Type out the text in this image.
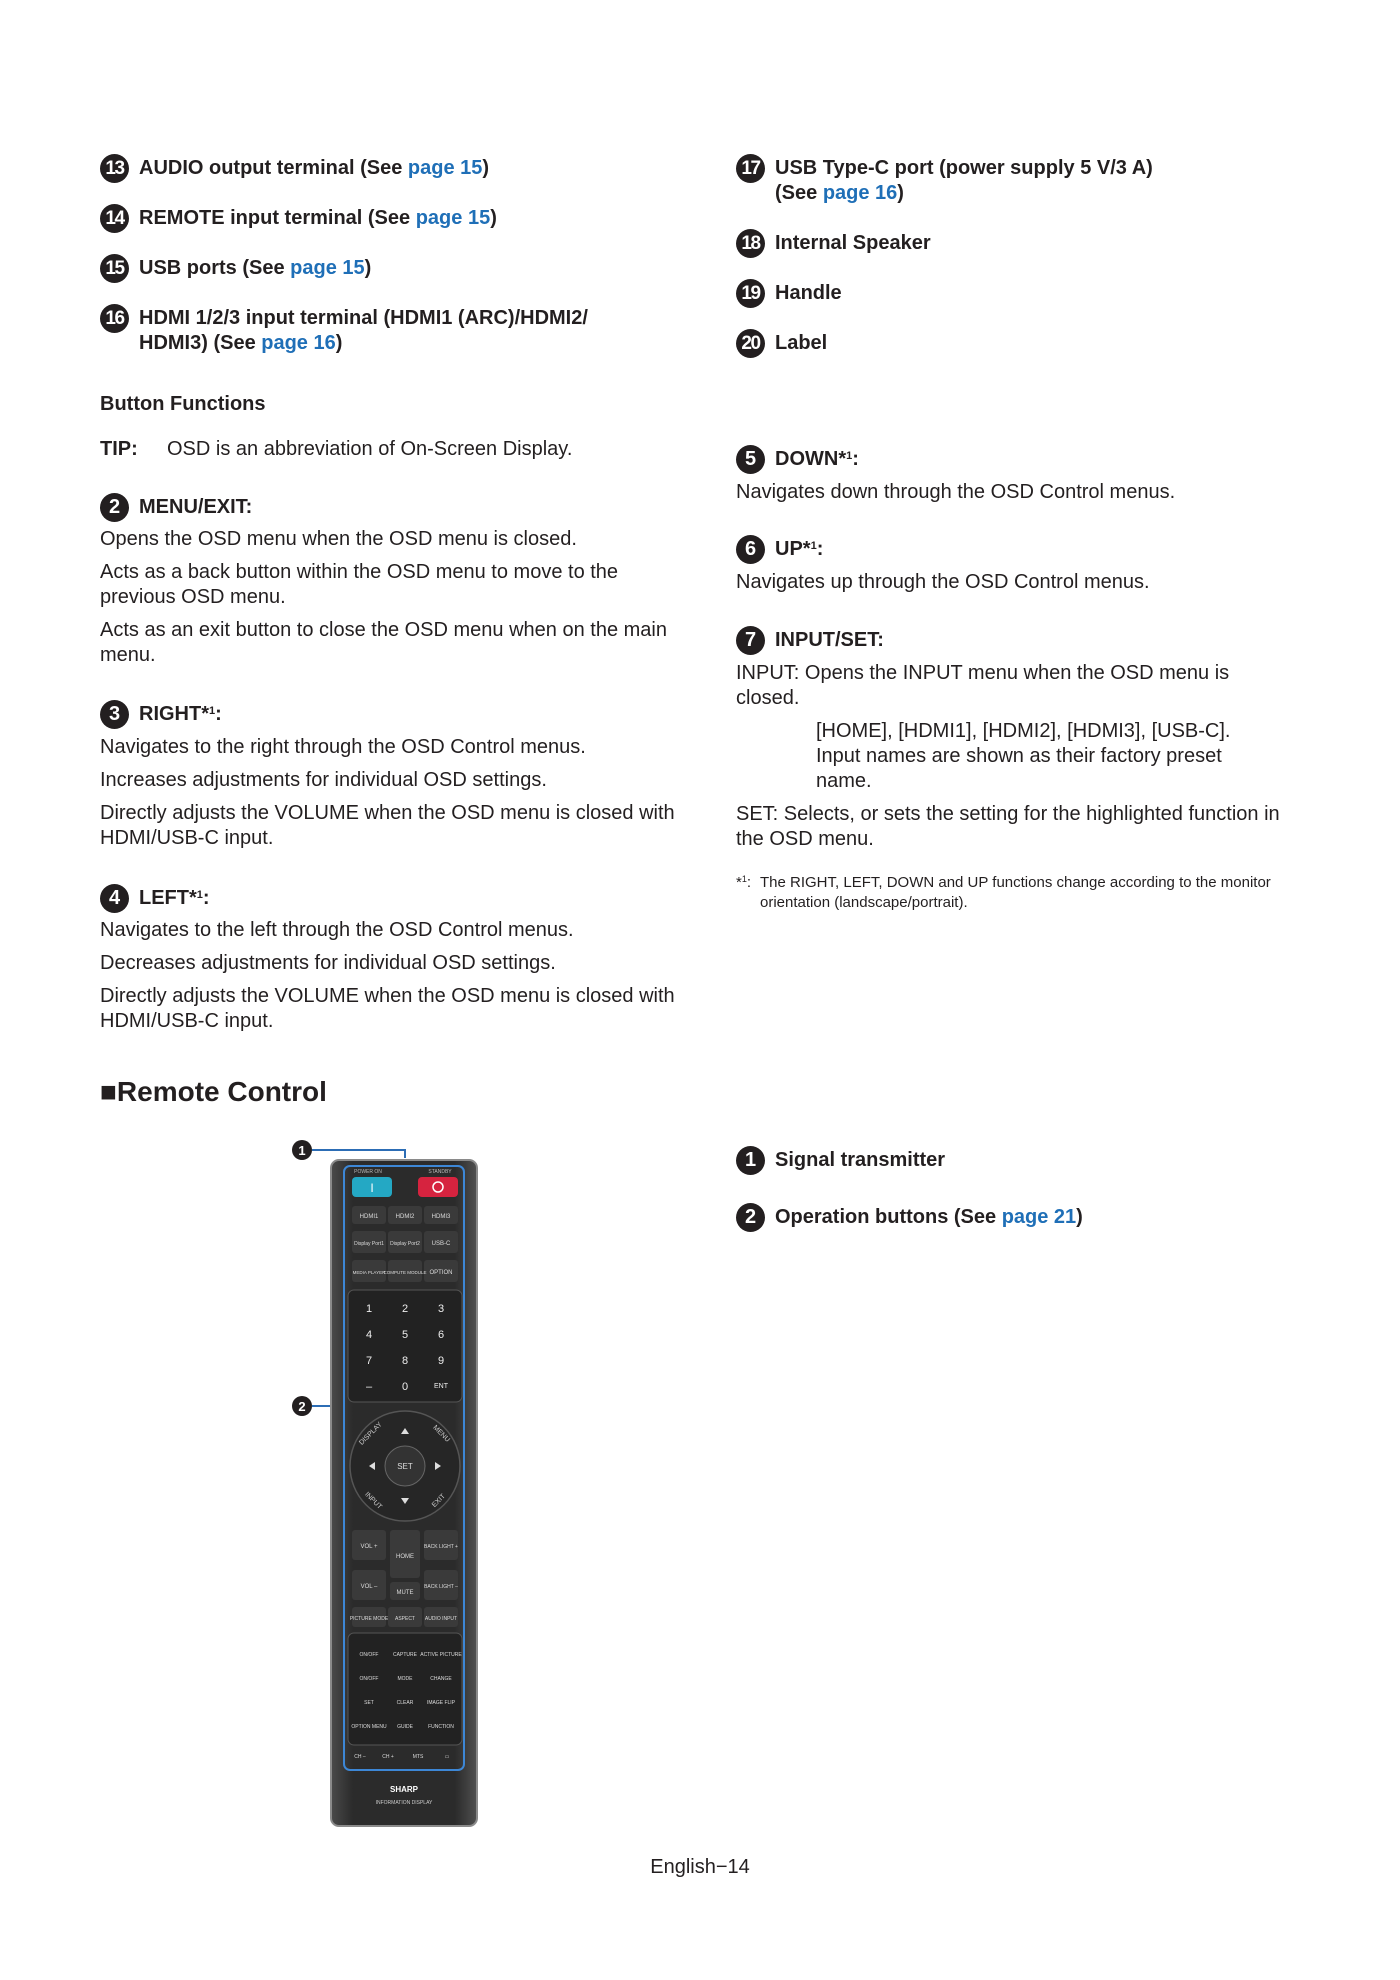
13 AUDIO output terminal (See page 15)
14 REMOTE input terminal (See page 15)
15 USB ports (See page 15)
16 HDMI 1/2/3 input terminal (HDMI1 (ARC)/HDMI2/
HDMI3) (See page 16)
17 USB Type-C port (power supply 5 V/3 A)
(See page 16)
18 Internal Speaker
19 Handle
20 Label
Button Functions
TIP: OSD is an abbreviation of On-Screen Display.
2 MENU/EXIT:

Opens the OSD menu when the OSD menu is closed.

Acts as a back button within the OSD menu to move to the previous OSD menu.

Acts as an exit button to close the OSD menu when on the main menu.

3 RIGHT*$^1$:

Navigates to the right through the OSD Control menus.

Increases adjustments for individual OSD settings.

Directly adjusts the VOLUME when the OSD menu is closed with HDMI/USB-C input.

4 LEFT*$^1$:

Navigates to the left through the OSD Control menus.

Decreases adjustments for individual OSD settings.

Directly adjusts the VOLUME when the OSD menu is closed with HDMI/USB-C input.

5 DOWN*$^1$:

Navigates down through the OSD Control menus.

6 UP*$^1$:

Navigates up through the OSD Control menus.

7 INPUT/SET:

INPUT: Opens the INPUT menu when the OSD menu is closed.

[HOME], [HDMI1], [HDMI2], [HDMI3], [USB-C]. Input names are shown as their factory preset name.

SET: Selects, or sets the setting for the highlighted function in the OSD menu.

*$^1$: The RIGHT, LEFT, DOWN and UP functions change according to the monitor orientation (landscape/portrait).
■Remote Control
1 Signal transmitter
2 Operation buttons (See page 21)
1
2
POWER ON	STANDBY
I
HDMI1	HDMI2	HDMI3
Display Port1 Display Port2 USB-C
MEDIA PLAYER
COMPUTE MODULE OPTION
1	2	3
4	5	6
7	8	9
–	0	ENT
SET
DISPLAY	MENU
INPUT	EXIT
VOL +
HOME
BACK LIGHT +
VOL –
MUTE
BACK LIGHT –
PICTURE MODE ASPECT AUDIO INPUT
ON/OFF	CAPTURE ACTIVE PICTURE
ON/OFF	MODE	CHANGE
SET	CLEAR	IMAGE FLIP
OPTION MENU GUIDE	FUNCTION
CH –	CH +	MTS	▭
SHARP
INFORMATION DISPLAY
English−14
